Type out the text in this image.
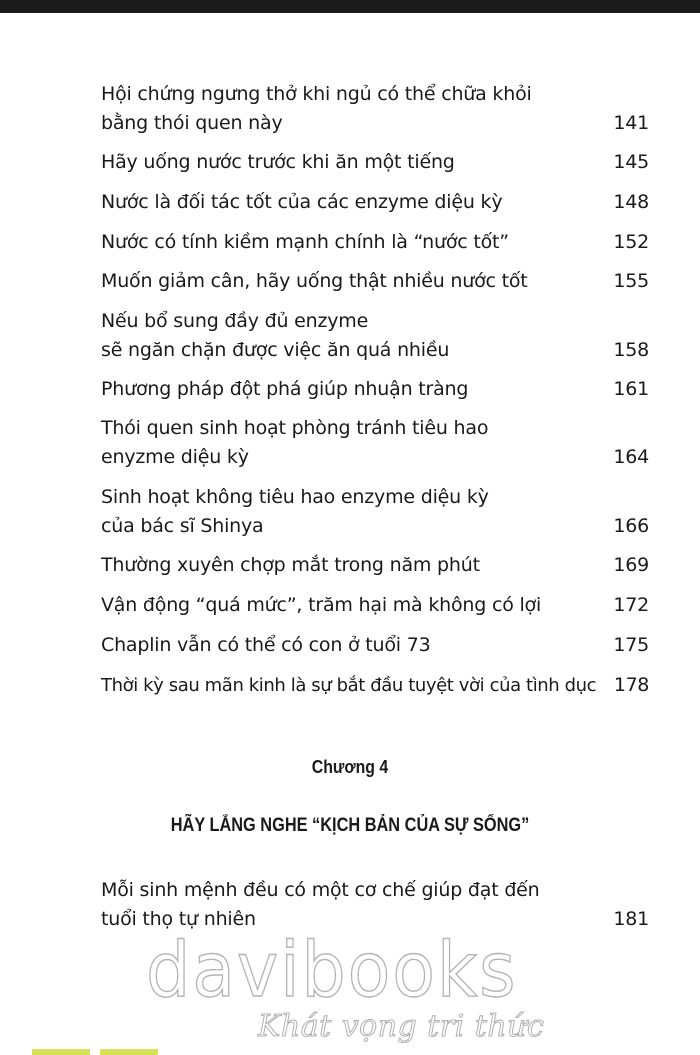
Hội chứng ngưng thở khi ngủ có thể chữa khỏi
bằng thói quen này	141
Hãy uống nước trước khi ăn một tiếng	145
Nước là đối tác tốt của các enzyme diệu kỳ	148
Nước có tính kiềm mạnh chính là “nước tốt”	152
Muốn giảm cân, hãy uống thật nhiều nước tốt	155
Nếu bổ sung đầy đủ enzyme
sẽ ngăn chặn được việc ăn quá nhiều	158
Phương pháp đột phá giúp nhuận tràng	161
Thói quen sinh hoạt phòng tránh tiêu hao
enyzme diệu kỳ	164
Sinh hoạt không tiêu hao enzyme diệu kỳ
của bác sĩ Shinya	166
Thường xuyên chợp mắt trong năm phút	169
Vận động “quá mức”, trăm hại mà không có lợi	172
Chaplin vẫn có thể có con ở tuổi 73	175
Thời kỳ sau mãn kinh là sự bắt đầu tuyệt vời của tình dục 178
Chương 4
HÃY LẮNG NGHE “KỊCH BẢN CỦA SỰ SỐNG”
Mỗi sinh mệnh đều có một cơ chế giúp đạt đến
tuổi thọ tự nhiên	181
davibooks
Khát vọng tri thức
